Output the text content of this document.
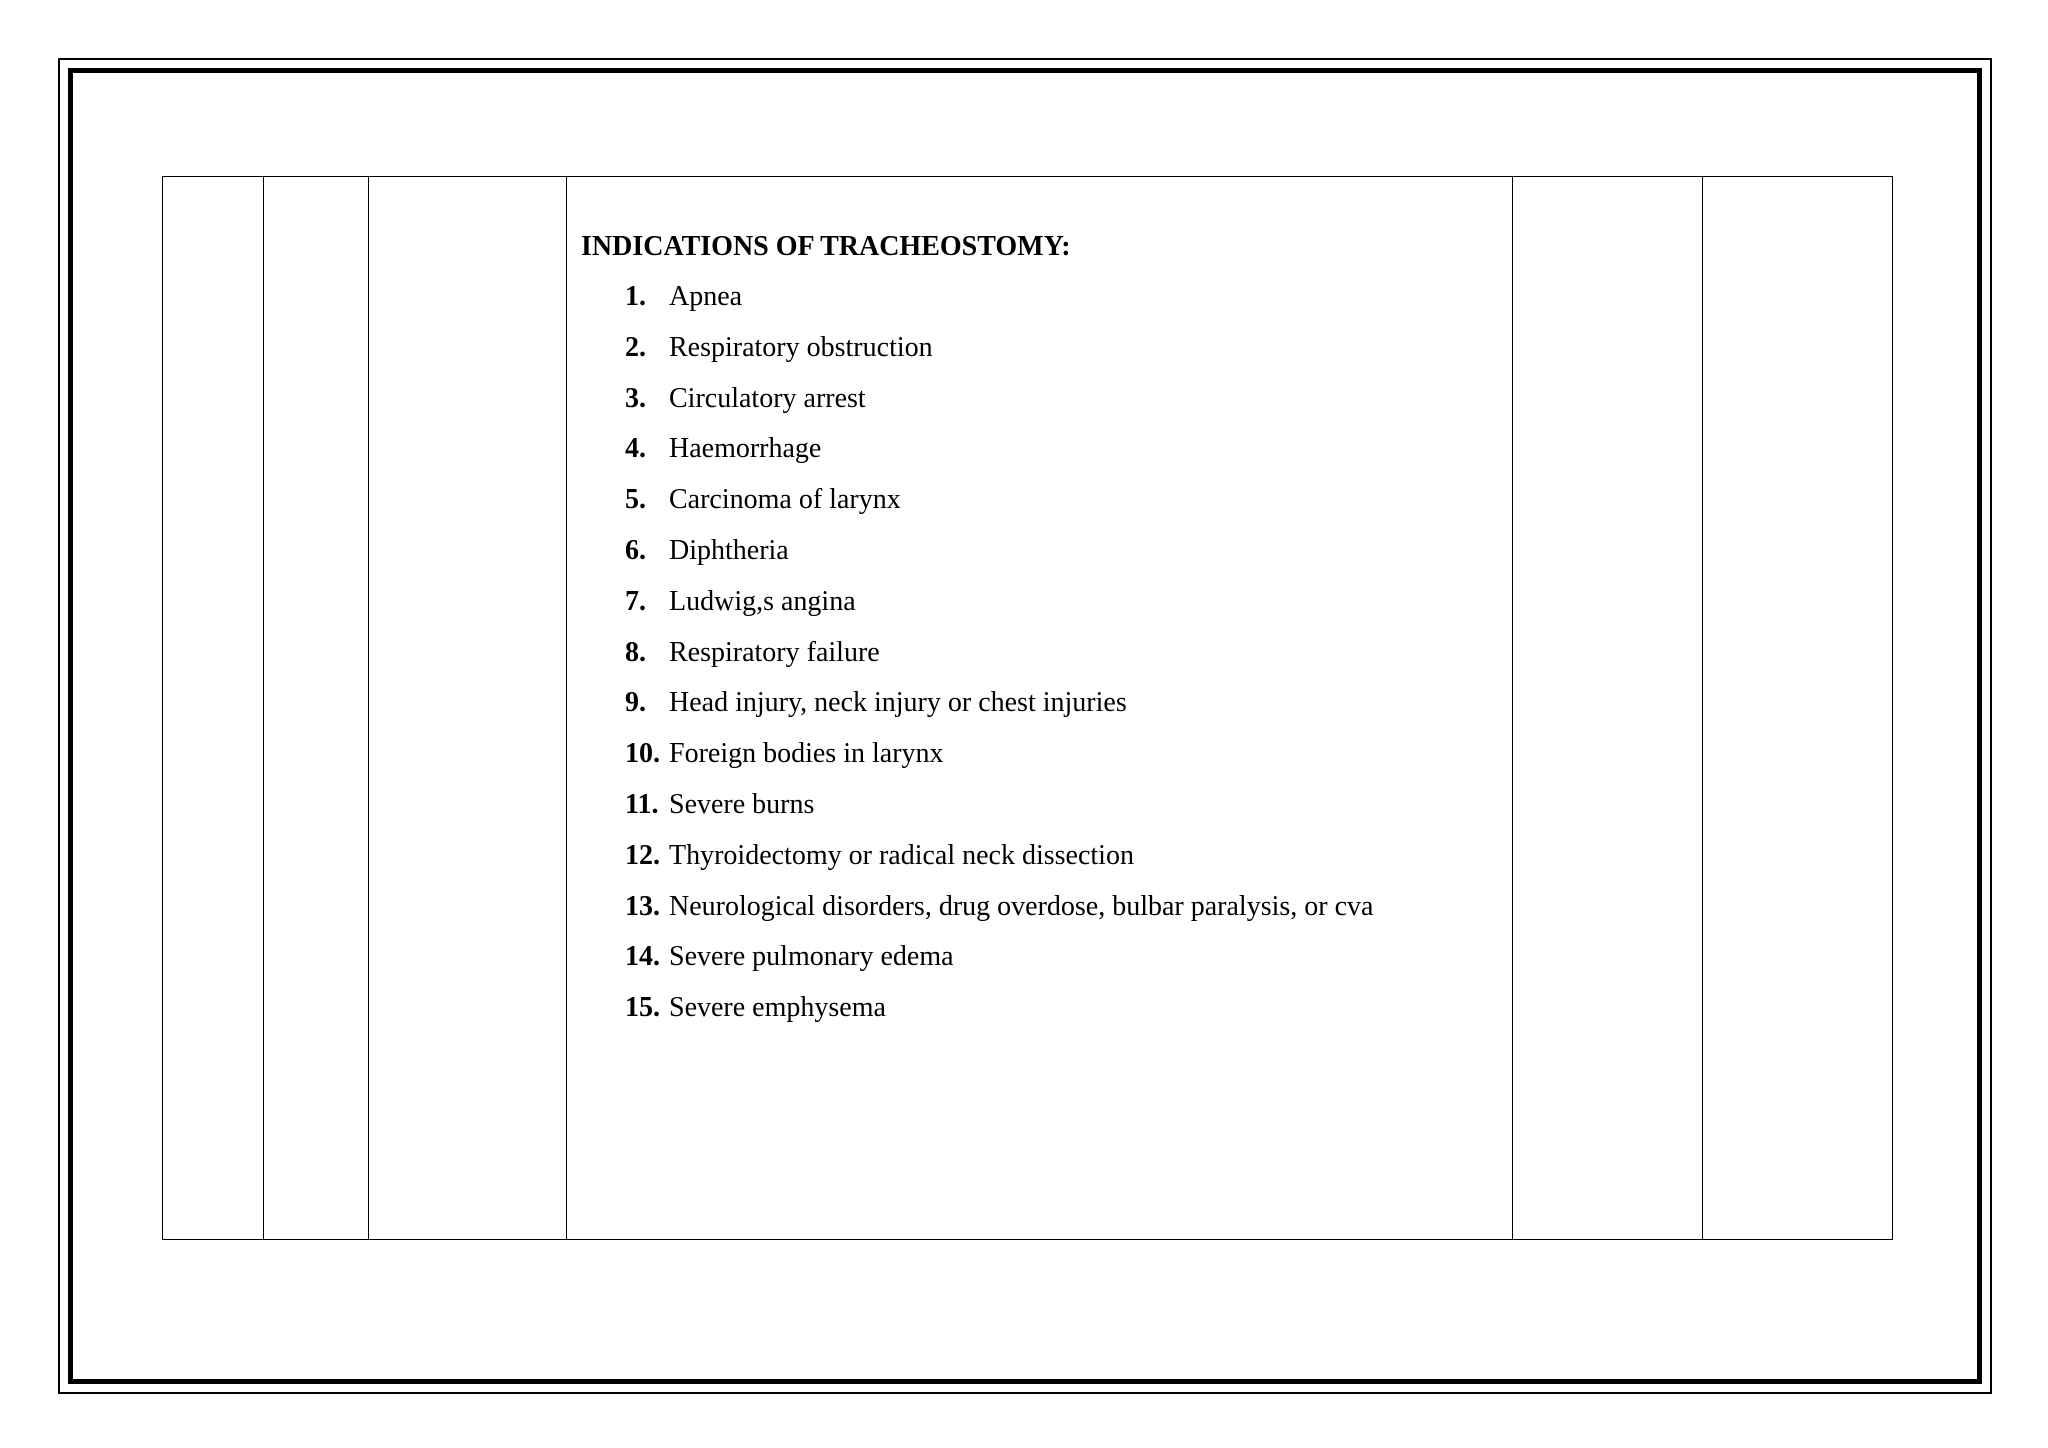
INDICATIONS OF TRACHEOSTOMY:
1. Apnea
2. Respiratory obstruction
3. Circulatory arrest
4. Haemorrhage
5. Carcinoma of larynx
6. Diphtheria
7. Ludwig,s angina
8. Respiratory failure
9. Head injury, neck injury or chest injuries
10. Foreign bodies in larynx
11. Severe burns
12. Thyroidectomy or radical neck dissection
13. Neurological disorders, drug overdose, bulbar paralysis, or cva
14. Severe pulmonary edema
15. Severe emphysema
